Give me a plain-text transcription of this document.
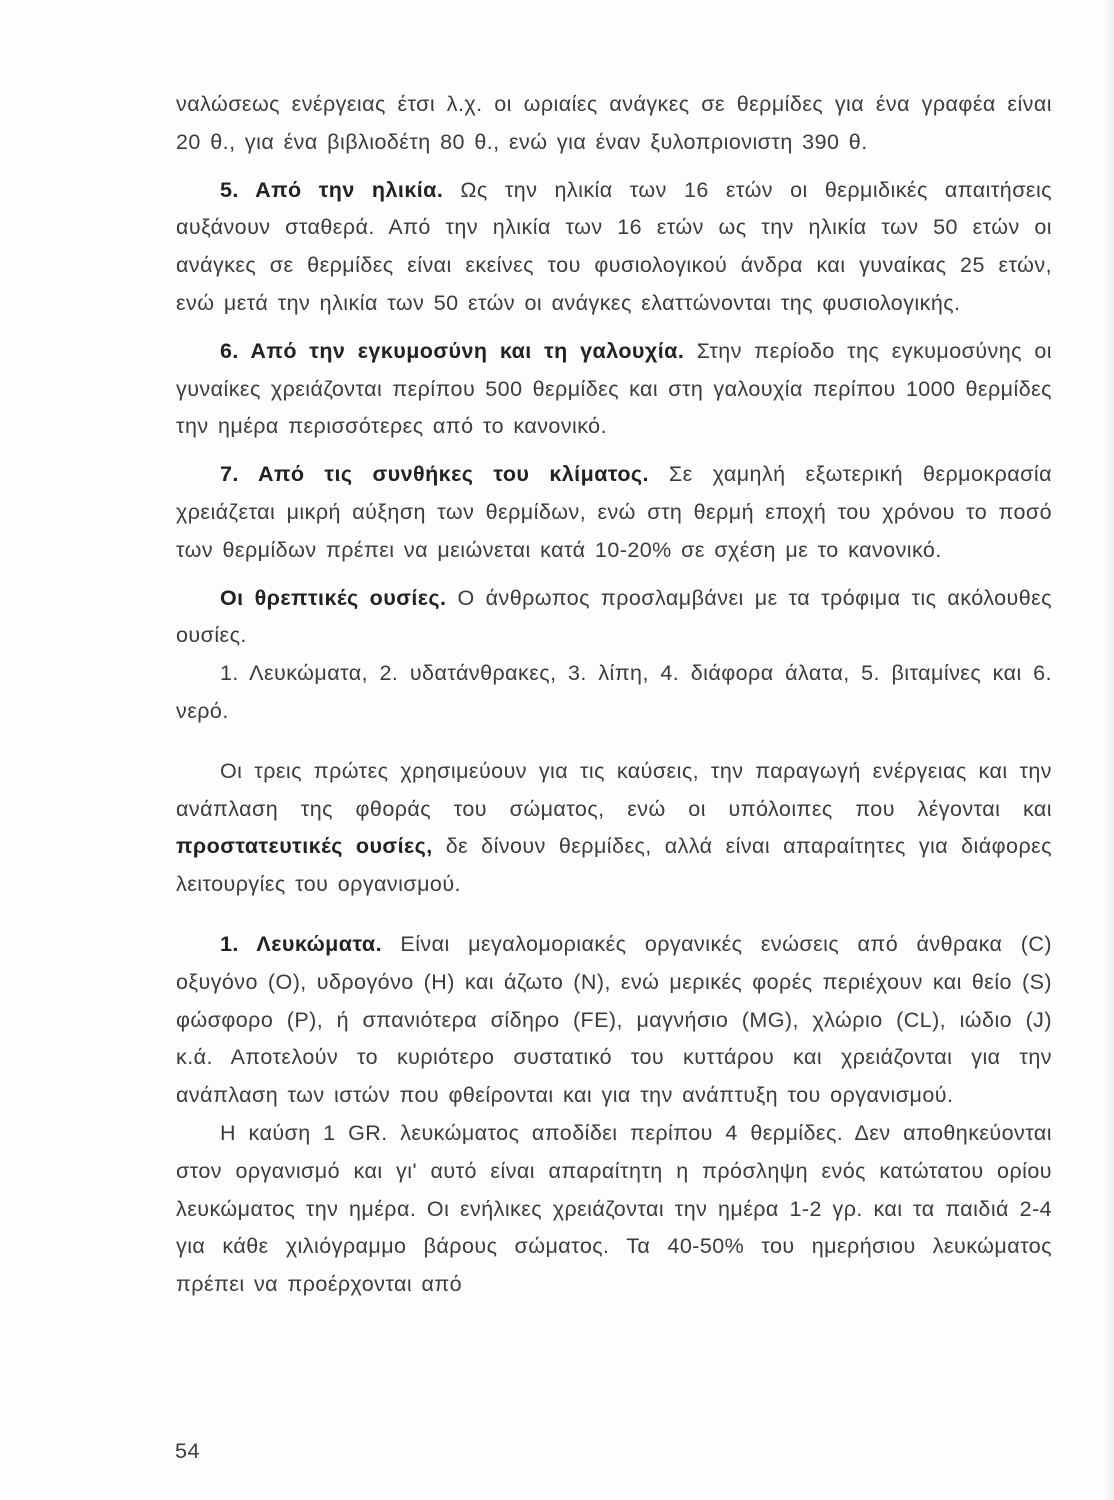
ναλώσεως ενέργειας έτσι λ.χ. οι ωριαίες ανάγκες σε θερμίδες για ένα γραφέα είναι 20 θ., για ένα βιβλιοδέτη 80 θ., ενώ για έναν ξυλοπριονιστη 390 θ.

5. Από την ηλικία. Ως την ηλικία των 16 ετών οι θερμιδικές απαιτήσεις αυξάνουν σταθερά. Από την ηλικία των 16 ετών ως την ηλικία των 50 ετών οι ανάγκες σε θερμίδες είναι εκείνες του φυσιολογικού άνδρα και γυναίκας 25 ετών, ενώ μετά την ηλικία των 50 ετών οι ανάγκες ελαττώνονται της φυσιολογικής.

6. Από την εγκυμοσύνη και τη γαλουχία. Στην περίοδο της εγκυμοσύνης οι γυναίκες χρειάζονται περίπου 500 θερμίδες και στη γαλουχία περίπου 1000 θερμίδες την ημέρα περισσότερες από το κανονικό.

7. Από τις συνθήκες του κλίματος. Σε χαμηλή εξωτερική θερμοκρασία χρειάζεται μικρή αύξηση των θερμίδων, ενώ στη θερμή εποχή του χρόνου το ποσό των θερμίδων πρέπει να μειώνεται κατά 10-20% σε σχέση με το κανονικό.

Οι θρεπτικές ουσίες. Ο άνθρωπος προσλαμβάνει με τα τρόφιμα τις ακόλουθες ουσίες.

1. Λευκώματα, 2. υδατάνθρακες, 3. λίπη, 4. διάφορα άλατα, 5. βιταμίνες και 6. νερό.

Οι τρεις πρώτες χρησιμεύουν για τις καύσεις, την παραγωγή ενέργειας και την ανάπλαση της φθοράς του σώματος, ενώ οι υπόλοιπες που λέγονται και προστατευτικές ουσίες, δε δίνουν θερμίδες, αλλά είναι απαραίτητες για διάφορες λειτουργίες του οργανισμού.

1. Λευκώματα. Είναι μεγαλομοριακές οργανικές ενώσεις από άνθρακα (C) οξυγόνο (O), υδρογόνο (H) και άζωτο (N), ενώ μερικές φορές περιέχουν και θείο (S) φώσφορο (P), ή σπανιότερα σίδηρο (FE), μαγνήσιο (MG), χλώριο (CL), ιώδιο (J) κ.ά. Αποτελούν το κυριότερο συστατικό του κυττάρου και χρειάζονται για την ανάπλαση των ιστών που φθείρονται και για την ανάπτυξη του οργανισμού.

Η καύση 1 GR. λευκώματος αποδίδει περίπου 4 θερμίδες. Δεν αποθηκεύονται στον οργανισμό και γι' αυτό είναι απαραίτητη η πρόσληψη ενός κατώτατου ορίου λευκώματος την ημέρα. Οι ενήλικες χρειάζονται την ημέρα 1-2 γρ. και τα παιδιά 2-4 για κάθε χιλιόγραμμο βάρους σώματος. Τα 40-50% του ημερήσιου λευκώματος πρέπει να προέρχονται από

54
